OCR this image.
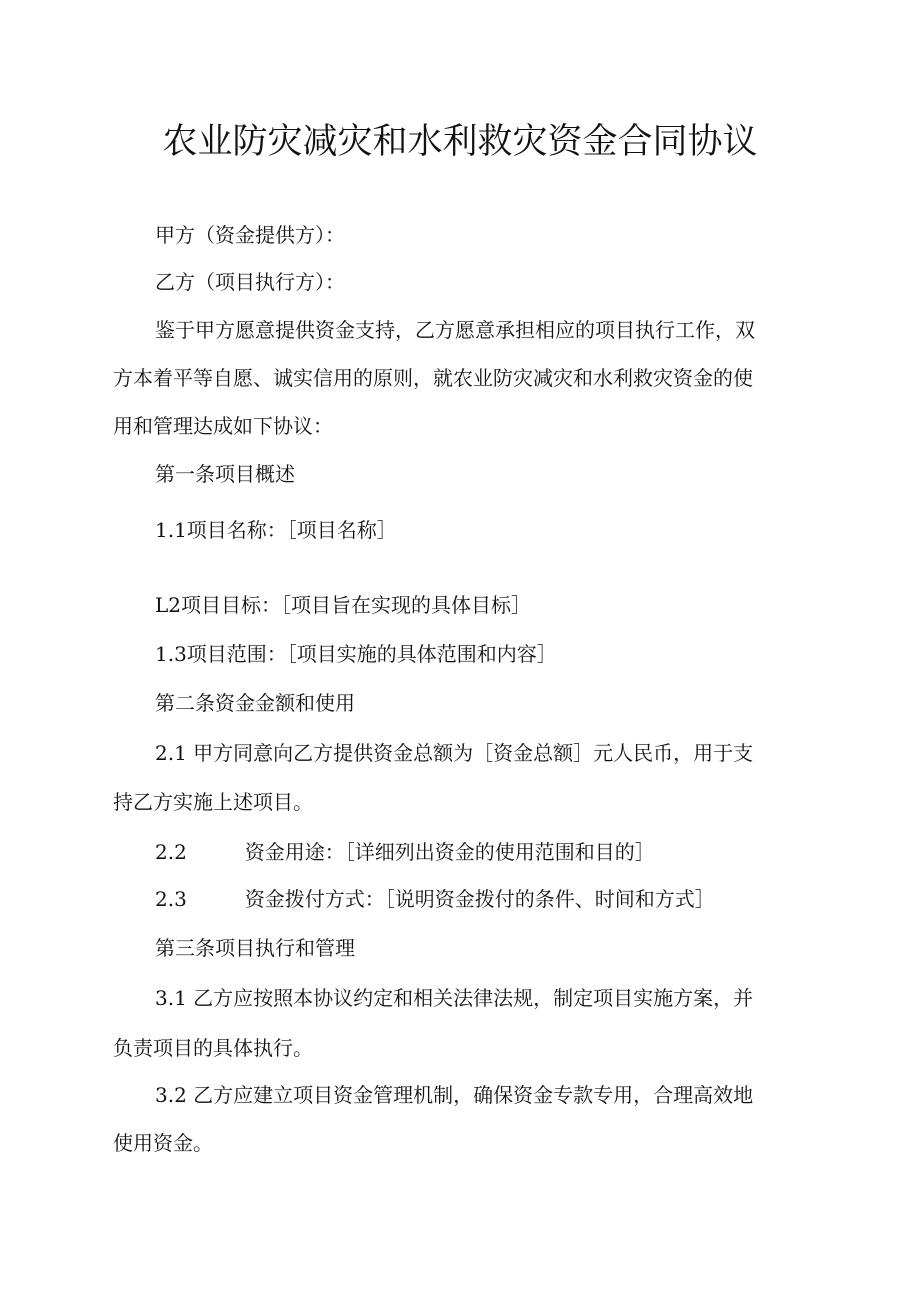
农业防灾减灾和水利救灾资金合同协议
甲方（资金提供方）：
乙方（项目执行方）：
鉴于甲方愿意提供资金支持，乙方愿意承担相应的项目执行工作，双
方本着平等自愿、诚实信用的原则，就农业防灾减灾和水利救灾资金的使
用和管理达成如下协议：
第一条项目概述
1.1项目名称：［项目名称］
L2项目目标：［项目旨在实现的具体目标］
1.3项目范围：［项目实施的具体范围和内容］
第二条资金金额和使用
2.1 甲方同意向乙方提供资金总额为［资金总额］元人民币，用于支
持乙方实施上述项目。
2.2	资金用途：［详细列出资金的使用范围和目的］
2.3	资金拨付方式：［说明资金拨付的条件、时间和方式］
第三条项目执行和管理
3.1 乙方应按照本协议约定和相关法律法规，制定项目实施方案，并
负责项目的具体执行。
3.2 乙方应建立项目资金管理机制，确保资金专款专用，合理高效地
使用资金。
